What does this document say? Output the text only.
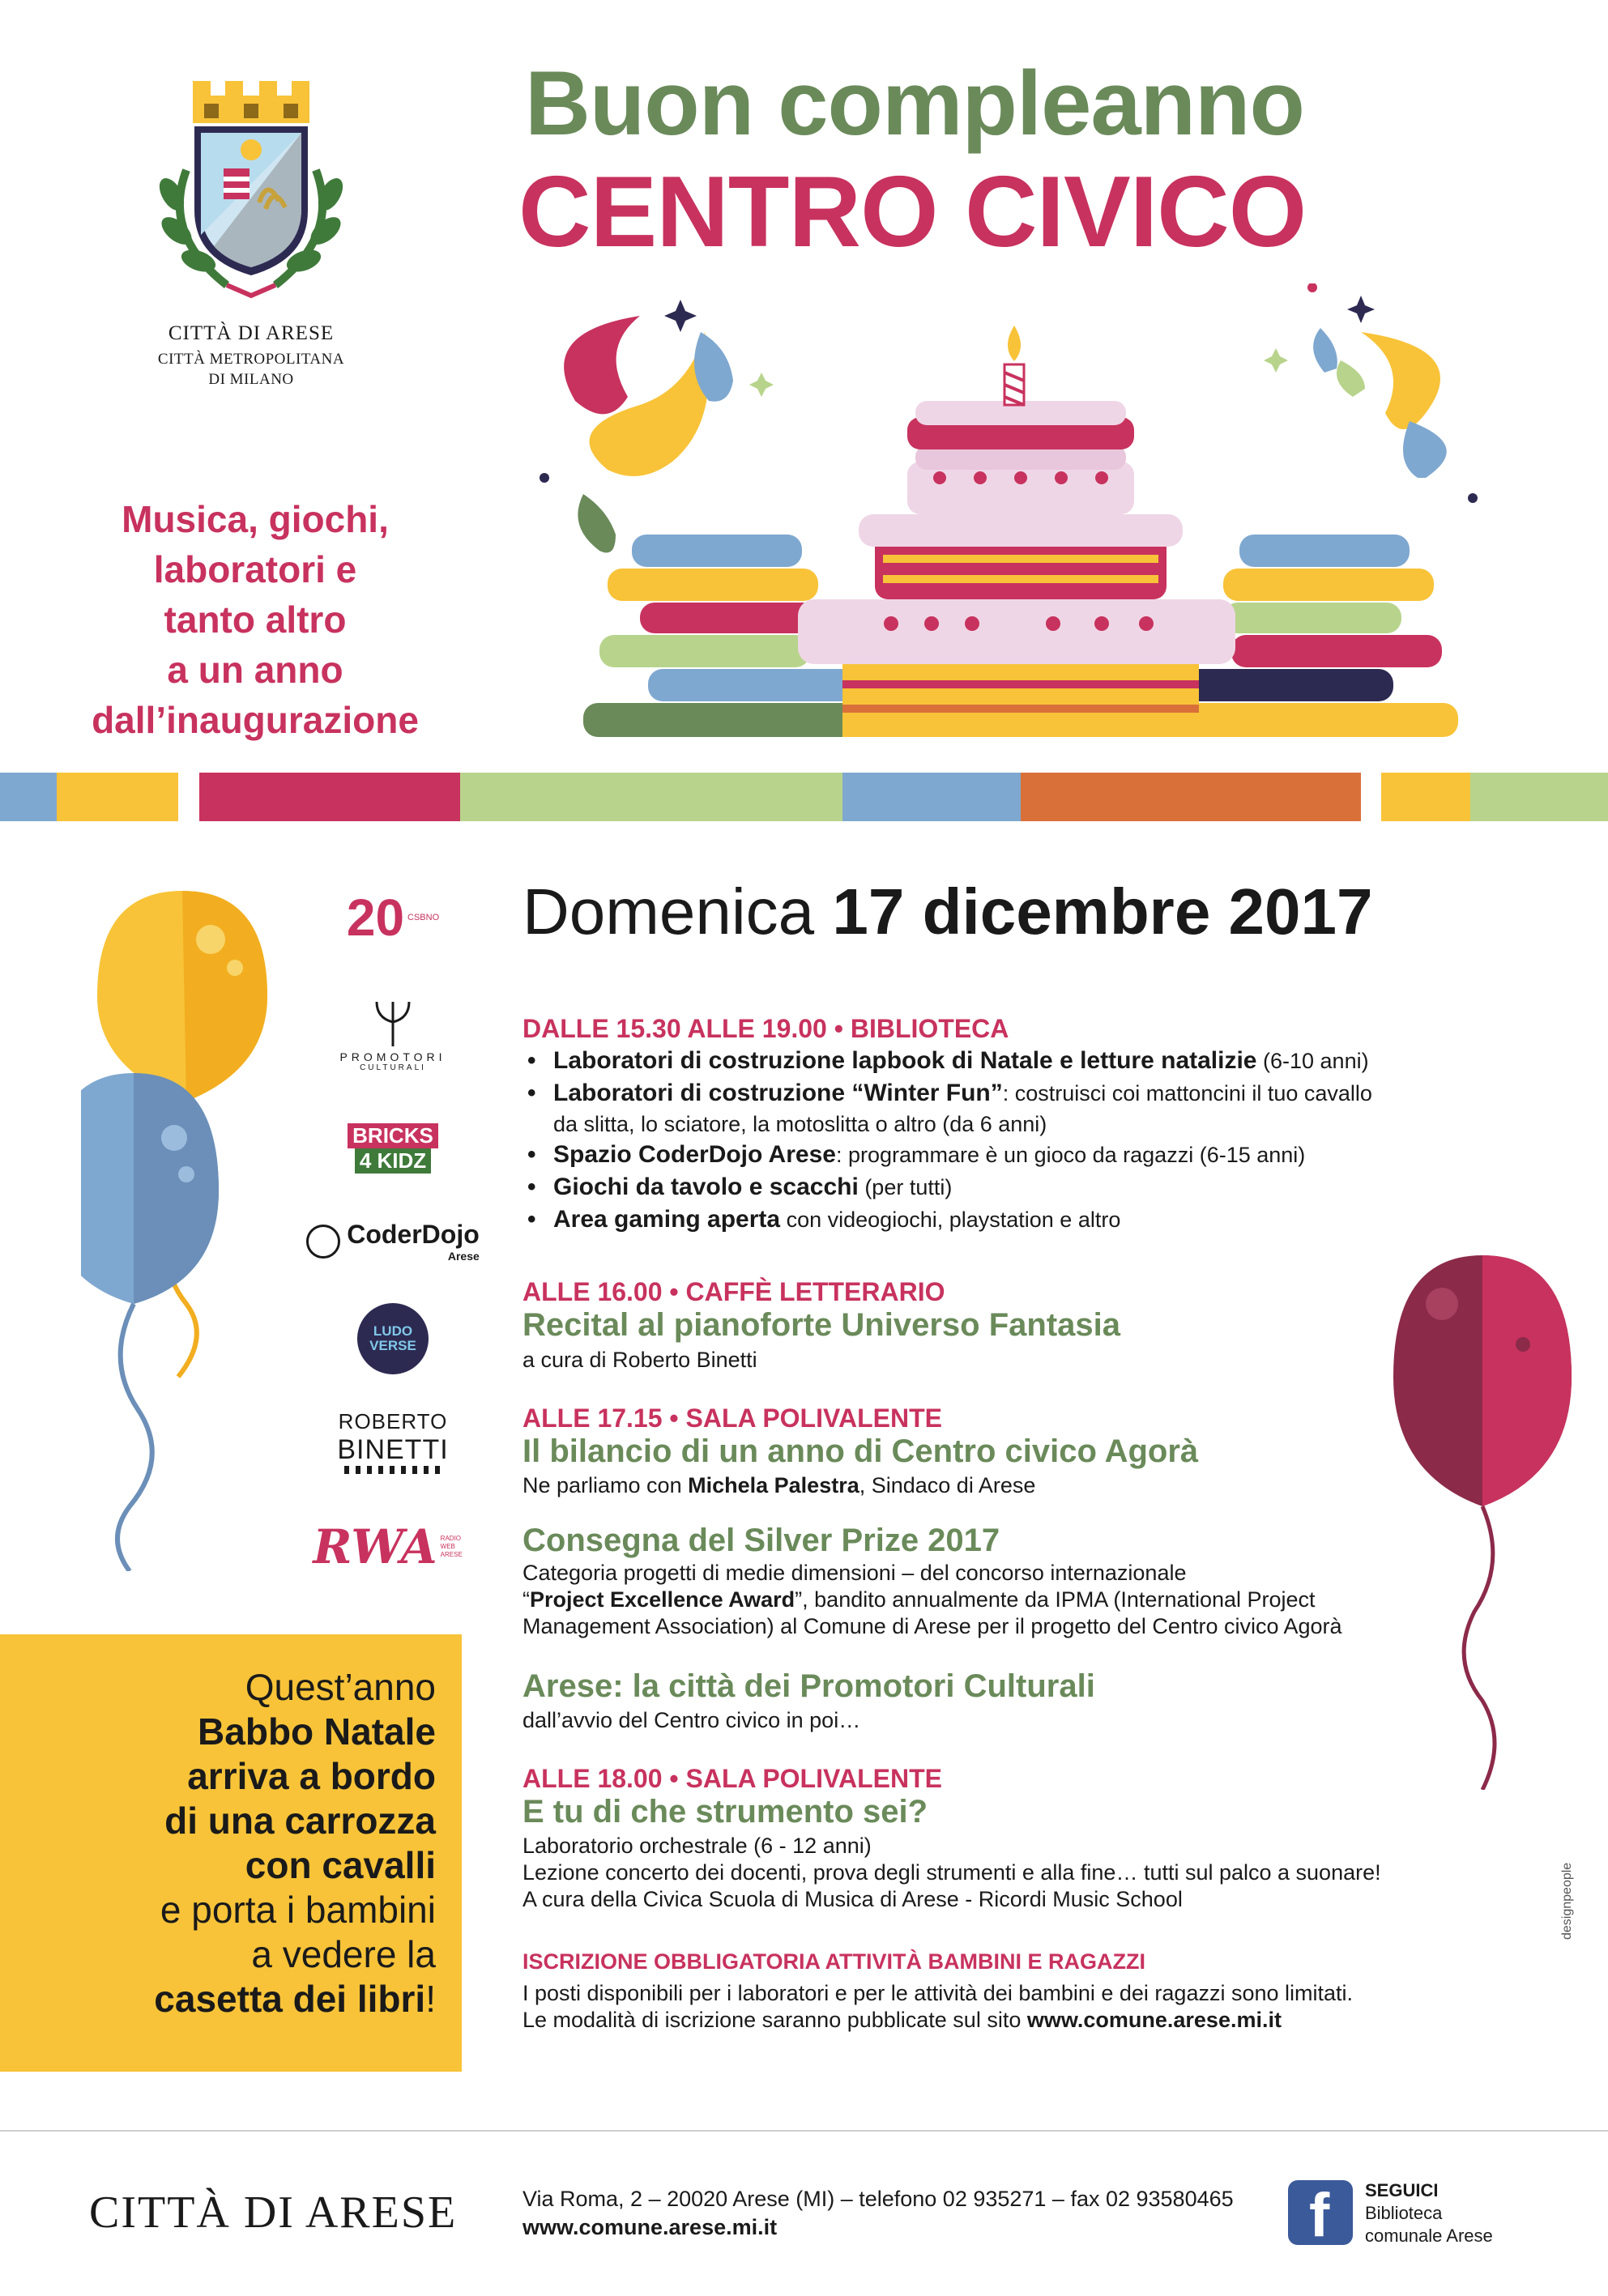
CITTÀ DI ARESE
CITTÀ METROPOLITANA
DI MILANO
Buon compleanno
CENTRO CIVICO
Musica, giochi,
laboratori e
tanto altro
a un anno
dall’inaugurazione
20 CSBNO
PROMOTORI
CULTURALI
BRICKS
4 KIDZ
CoderDojo
Arese
LUDO VERSE
ROBERTO
BINETTI
RWA RADIO WEB ARESE
Quest’anno
Babbo Natale
arriva a bordo
di una carrozza
con cavalli
e porta i bambini
a vedere la
casetta dei libri!
Domenica 17 dicembre 2017
DALLE 15.30 ALLE 19.00 • BIBLIOTECA
• Laboratori di costruzione lapbook di Natale e letture natalizie (6-10 anni)
• Laboratori di costruzione “Winter Fun”: costruisci coi mattoncini il tuo cavallo
da slitta, lo sciatore, la motoslitta o altro (da 6 anni)
• Spazio CoderDojo Arese: programmare è un gioco da ragazzi (6-15 anni)
• Giochi da tavolo e scacchi (per tutti)
• Area gaming aperta con videogiochi, playstation e altro
ALLE 16.00 • CAFFÈ LETTERARIO
Recital al pianoforte Universo Fantasia
a cura di Roberto Binetti
ALLE 17.15 • SALA POLIVALENTE
Il bilancio di un anno di Centro civico Agorà
Ne parliamo con Michela Palestra, Sindaco di Arese
Consegna del Silver Prize 2017
Categoria progetti di medie dimensioni – del concorso internazionale
“Project Excellence Award”, bandito annualmente da IPMA (International Project
Management Association) al Comune di Arese per il progetto del Centro civico Agorà
Arese: la città dei Promotori Culturali
dall’avvio del Centro civico in poi…
ALLE 18.00 • SALA POLIVALENTE
E tu di che strumento sei?
Laboratorio orchestrale (6 - 12 anni)
Lezione concerto dei docenti, prova degli strumenti e alla fine… tutti sul palco a suonare!
A cura della Civica Scuola di Musica di Arese - Ricordi Music School
ISCRIZIONE OBBLIGATORIA ATTIVITÀ BAMBINI E RAGAZZI
I posti disponibili per i laboratori e per le attività dei bambini e dei ragazzi sono limitati.
Le modalità di iscrizione saranno pubblicate sul sito www.comune.arese.mi.it
designpeople
CITTÀ DI ARESE	Via Roma, 2 – 20020 Arese (MI) – telefono 02 935271 – fax 02 93580465
www.comune.arese.mi.it	f SEGUICI
Biblioteca
comunale Arese
